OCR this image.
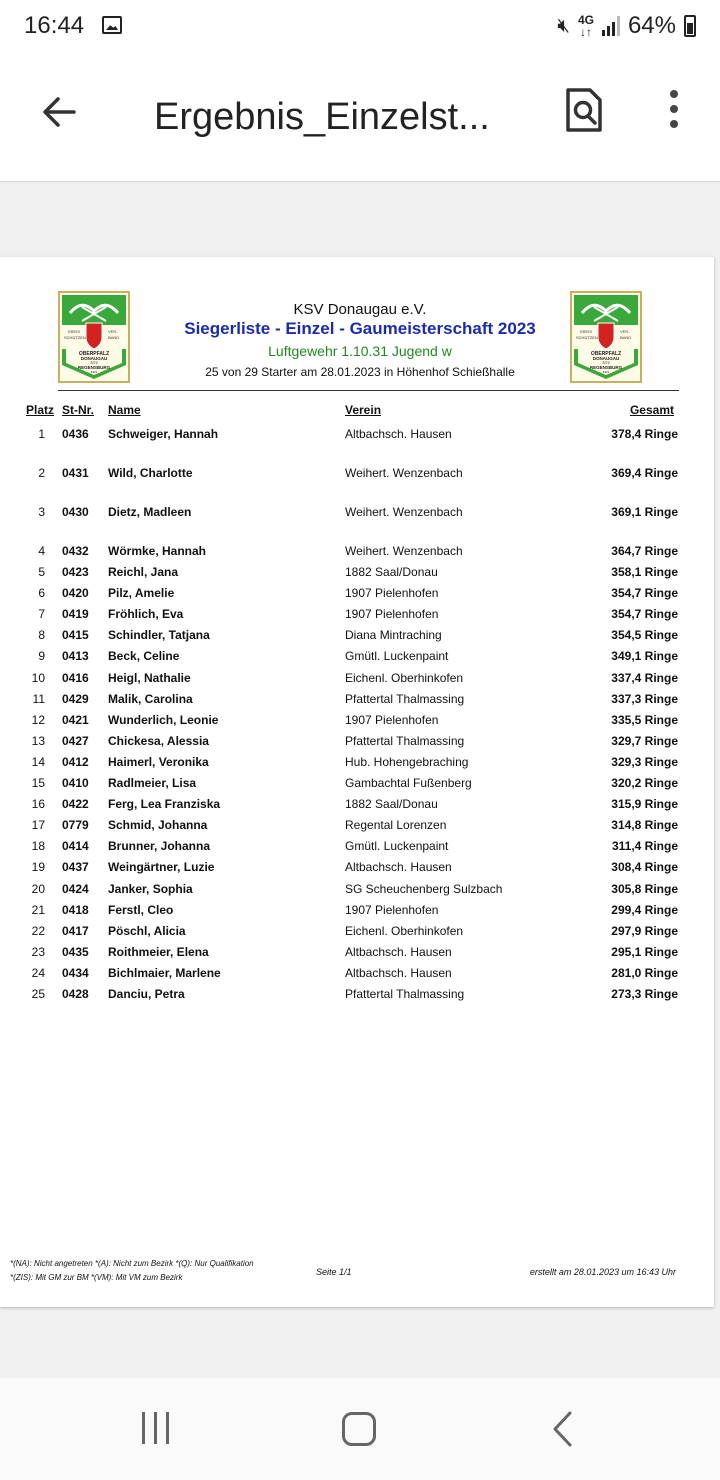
16:44	🔇︎ 4G
↓↑ 64%
Ergebnis_Einzelst...
KREIS
SCHÜTZEN
VER-
BAND
OBERPFALZ
DONAUGAU
SITZ
REGENSBURG
1921
KREIS
SCHÜTZEN
VER-
BAND
OBERPFALZ
DONAUGAU
SITZ
REGENSBURG
1921
KSV Donaugau e.V.
Siegerliste - Einzel - Gaumeisterschaft 2023
Luftgewehr 1.10.31 Jugend w
25 von 29 Starter am 28.01.2023 in Höhenhof Schießhalle
Platz St-Nr. Name	Verein	Gesamt
1 0436 Schweiger, Hannah	Altbachsch. Hausen	378,4 Ringe
2 0431 Wild, Charlotte	Weihert. Wenzenbach	369,4 Ringe
3 0430 Dietz, Madleen	Weihert. Wenzenbach	369,1 Ringe
4 0432 Wörmke, Hannah	Weihert. Wenzenbach	364,7 Ringe
5 0423 Reichl, Jana	1882 Saal/Donau	358,1 Ringe
6 0420 Pilz, Amelie	1907 Pielenhofen	354,7 Ringe
7 0419 Fröhlich, Eva	1907 Pielenhofen	354,7 Ringe
8 0415 Schindler, Tatjana	Diana Mintraching	354,5 Ringe
9 0413 Beck, Celine	Gmütl. Luckenpaint	349,1 Ringe
10 0416 Heigl, Nathalie	Eichenl. Oberhinkofen	337,4 Ringe
11 0429 Malik, Carolina	Pfattertal Thalmassing	337,3 Ringe
12 0421 Wunderlich, Leonie	1907 Pielenhofen	335,5 Ringe
13 0427 Chickesa, Alessia	Pfattertal Thalmassing	329,7 Ringe
14 0412 Haimerl, Veronika	Hub. Hohengebraching	329,3 Ringe
15 0410 Radlmeier, Lisa	Gambachtal Fußenberg	320,2 Ringe
16 0422 Ferg, Lea Franziska	1882 Saal/Donau	315,9 Ringe
17 0779 Schmid, Johanna	Regental Lorenzen	314,8 Ringe
18 0414 Brunner, Johanna	Gmütl. Luckenpaint	311,4 Ringe
19 0437 Weingärtner, Luzie	Altbachsch. Hausen	308,4 Ringe
20 0424 Janker, Sophia	SG Scheuchenberg Sulzbach	305,8 Ringe
21 0418 Ferstl, Cleo	1907 Pielenhofen	299,4 Ringe
22 0417 Pöschl, Alicia	Eichenl. Oberhinkofen	297,9 Ringe
23 0435 Roithmeier, Elena	Altbachsch. Hausen	295,1 Ringe
24 0434 Bichlmaier, Marlene	Altbachsch. Hausen	281,0 Ringe
25 0428 Danciu, Petra	Pfattertal Thalmassing	273,3 Ringe
*(NA): Nicht angetreten *(A): Nicht zum Bezirk *(Q): Nur Qualifikation
*(ZIS): Mit GM zur BM *(VM): Mit VM zum Bezirk
Seite 1/1	erstellt am 28.01.2023 um 16:43 Uhr
